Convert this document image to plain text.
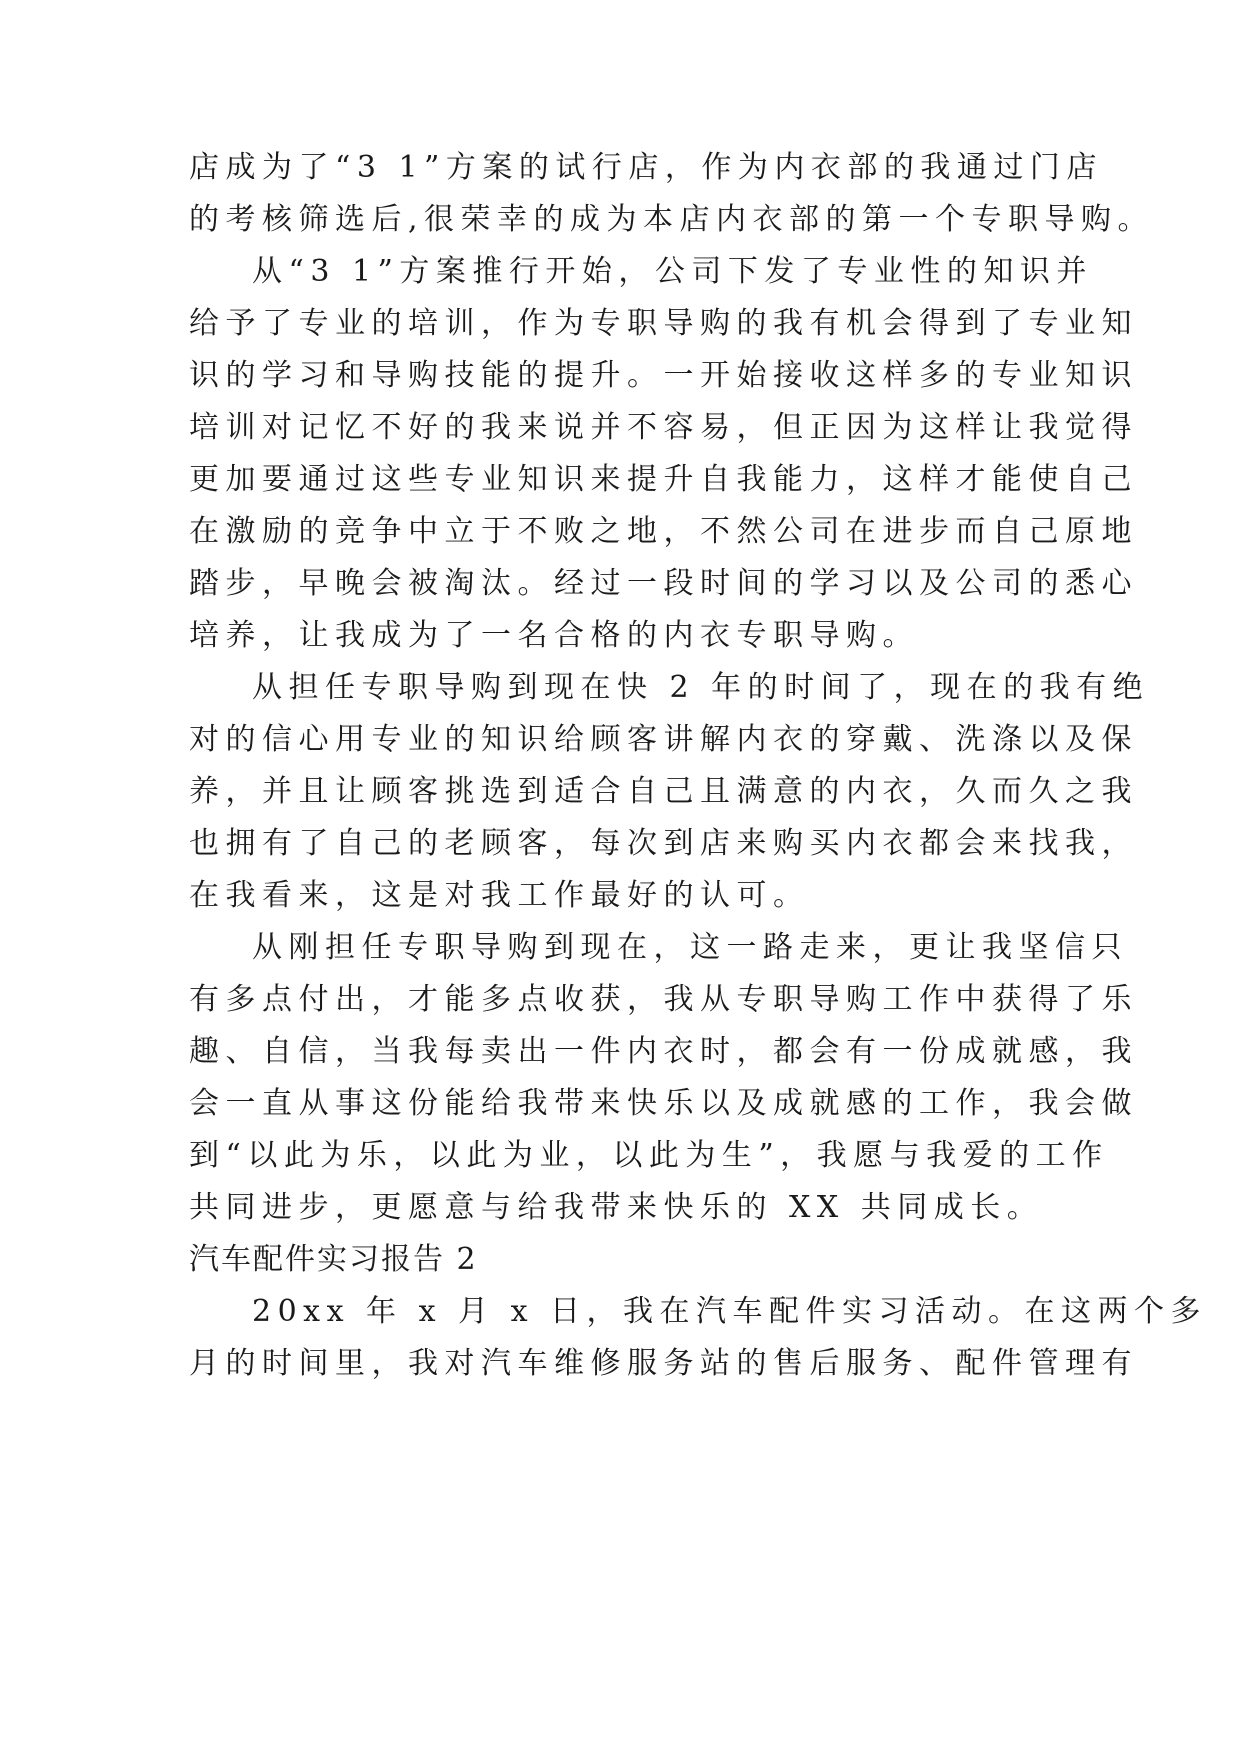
店成为了“3 1”方案的试行店，作为内衣部的我通过门店
的考核筛选后,很荣幸的成为本店内衣部的第一个专职导购。
从“3 1”方案推行开始，公司下发了专业性的知识并
给予了专业的培训，作为专职导购的我有机会得到了专业知
识的学习和导购技能的提升。一开始接收这样多的专业知识
培训对记忆不好的我来说并不容易，但正因为这样让我觉得
更加要通过这些专业知识来提升自我能力，这样才能使自己
在激励的竞争中立于不败之地，不然公司在进步而自己原地
踏步，早晚会被淘汰。经过一段时间的学习以及公司的悉心
培养，让我成为了一名合格的内衣专职导购。
从担任专职导购到现在快 2 年的时间了，现在的我有绝
对的信心用专业的知识给顾客讲解内衣的穿戴、洗涤以及保
养，并且让顾客挑选到适合自己且满意的内衣，久而久之我
也拥有了自己的老顾客，每次到店来购买内衣都会来找我，
在我看来，这是对我工作最好的认可。
从刚担任专职导购到现在，这一路走来，更让我坚信只
有多点付出，才能多点收获，我从专职导购工作中获得了乐
趣、自信，当我每卖出一件内衣时，都会有一份成就感，我
会一直从事这份能给我带来快乐以及成就感的工作，我会做
到“以此为乐，以此为业，以此为生”，我愿与我爱的工作
共同进步，更愿意与给我带来快乐的 XX 共同成长。
汽车配件实习报告 2
20xx 年 x 月 x 日，我在汽车配件实习活动。在这两个多
月的时间里，我对汽车维修服务站的售后服务、配件管理有
